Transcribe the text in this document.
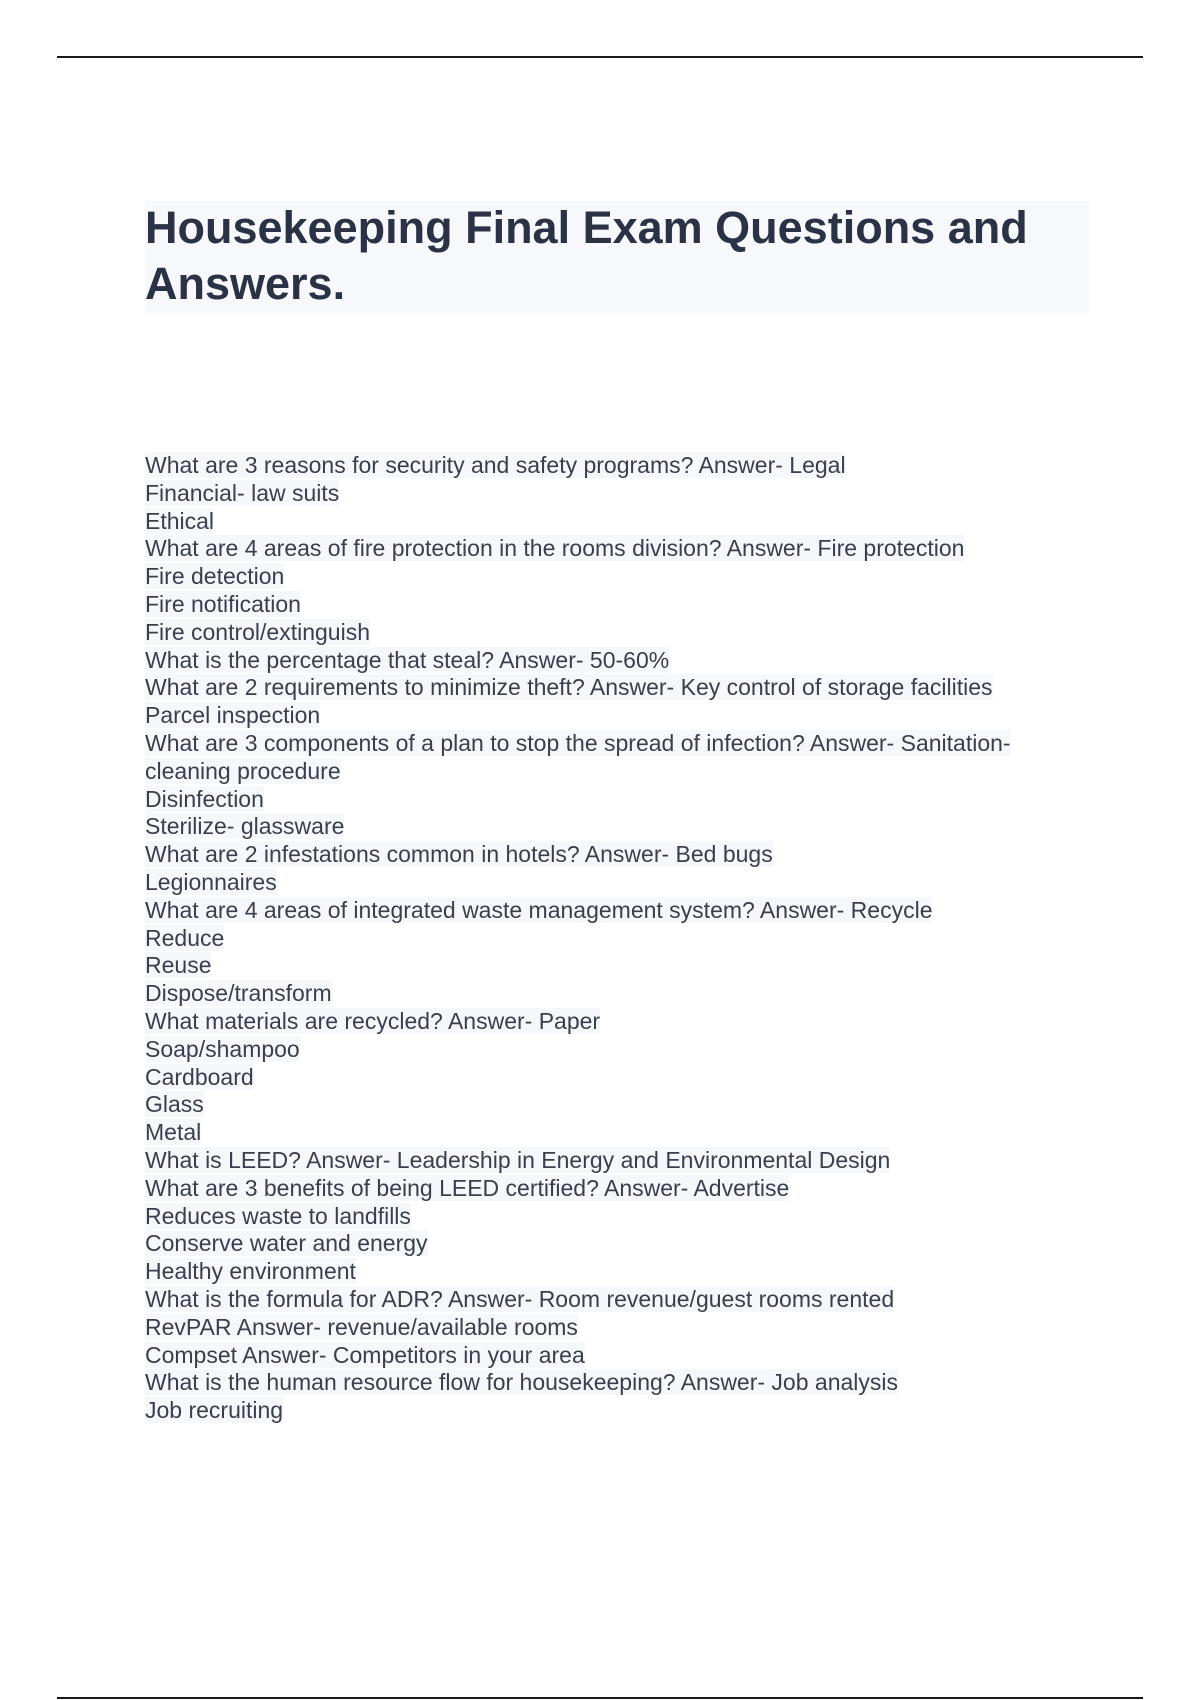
Housekeeping Final Exam Questions and Answers.
What are 3 reasons for security and safety programs? Answer- Legal
Financial- law suits
Ethical
What are 4 areas of fire protection in the rooms division? Answer- Fire protection
Fire detection
Fire notification
Fire control/extinguish
What is the percentage that steal? Answer- 50-60%
What are 2 requirements to minimize theft? Answer- Key control of storage facilities
Parcel inspection
What are 3 components of a plan to stop the spread of infection? Answer- Sanitation-
cleaning procedure
Disinfection
Sterilize- glassware
What are 2 infestations common in hotels? Answer- Bed bugs
Legionnaires
What are 4 areas of integrated waste management system? Answer- Recycle
Reduce
Reuse
Dispose/transform
What materials are recycled? Answer- Paper
Soap/shampoo
Cardboard
Glass
Metal
What is LEED? Answer- Leadership in Energy and Environmental Design
What are 3 benefits of being LEED certified? Answer- Advertise
Reduces waste to landfills
Conserve water and energy
Healthy environment
What is the formula for ADR? Answer- Room revenue/guest rooms rented
RevPAR Answer- revenue/available rooms
Compset Answer- Competitors in your area
What is the human resource flow for housekeeping? Answer- Job analysis
Job recruiting
